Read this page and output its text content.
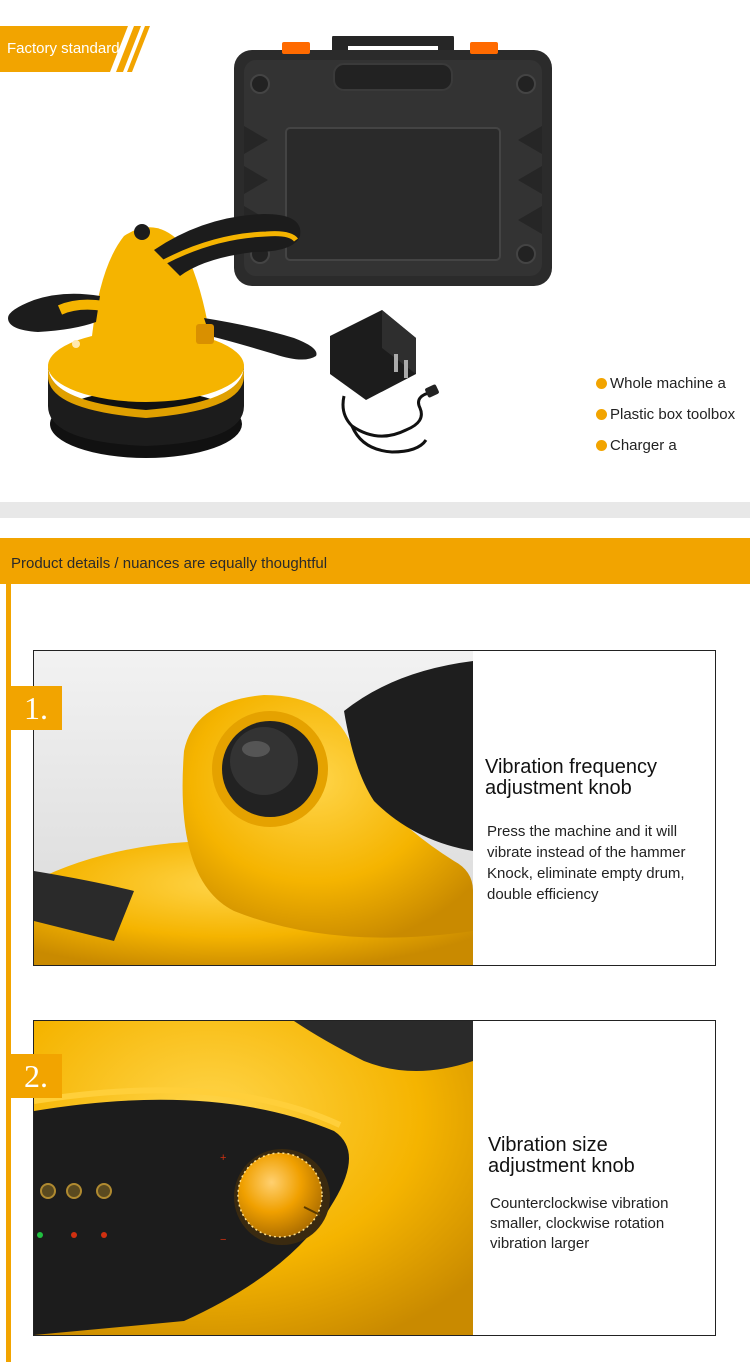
Factory standard
Whole machine a
Plastic box toolbox
Charger a
Product details / nuances are equally thoughtful
Vibration frequency
adjustment knob
Press the machine and it will
vibrate instead of the hammer
Knock, eliminate empty drum,
double efficiency
1.
+
−
Vibration size
adjustment knob
Counterclockwise vibration
smaller, clockwise rotation
vibration larger
2.
